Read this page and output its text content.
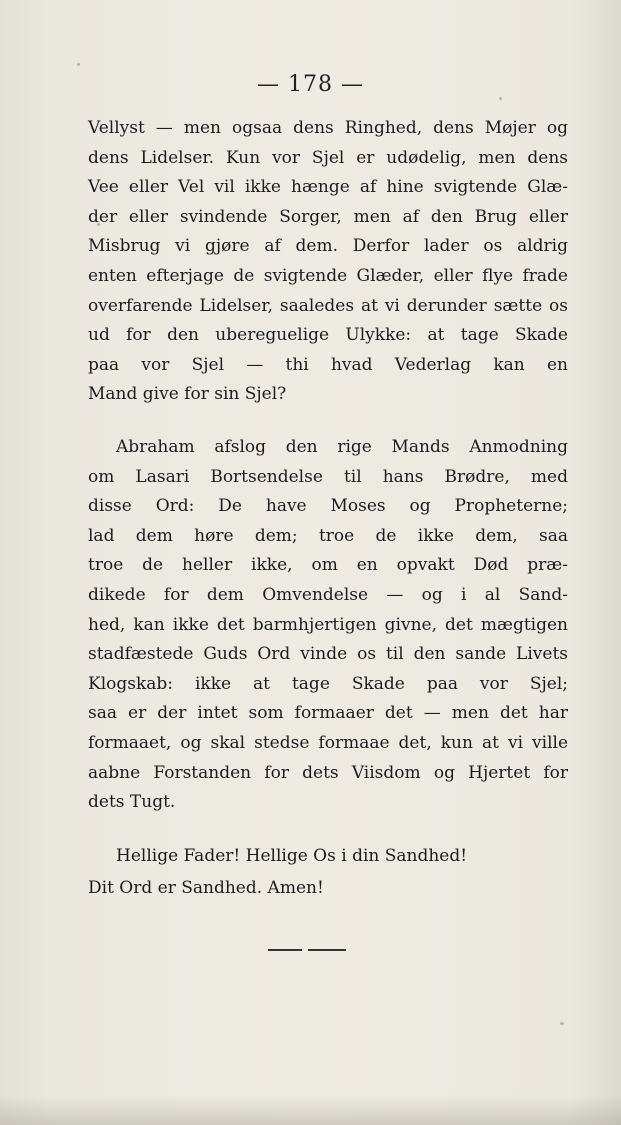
— 178 —
Vellyst — men ogsaa dens Ringhed, dens Møjer og
dens Lidelser. Kun vor Sjel er udødelig, men dens
Vee eller Vel vil ikke hænge af hine svigtende Glæ-
der eller svindende Sorger, men af den Brug eller
Misbrug vi gjøre af dem. Derfor lader os aldrig
enten efterjage de svigtende Glæder, eller flye frade
overfarende Lidelser, saaledes at vi derunder sætte os
ud for den ubereguelige Ulykke: at tage Skade
paa vor Sjel — thi hvad Vederlag kan en
Mand give for sin Sjel?
Abraham afslog den rige Mands Anmodning
om Lasari Bortsendelse til hans Brødre, med
disse Ord: De have Moses og Propheterne;
lad dem høre dem; troe de ikke dem, saa
troe de heller ikke, om en opvakt Død præ-
dikede for dem Omvendelse — og i al Sand-
hed, kan ikke det barmhjertigen givne, det mægtigen
stadfæstede Guds Ord vinde os til den sande Livets
Klogskab: ikke at tage Skade paa vor Sjel;
saa er der intet som formaaer det — men det har
formaaet, og skal stedse formaae det, kun at vi ville
aabne Forstanden for dets Viisdom og Hjertet for
dets Tugt.
Hellige Fader! Hellige Os i din Sandhed!
Dit Ord er Sandhed. Amen!
